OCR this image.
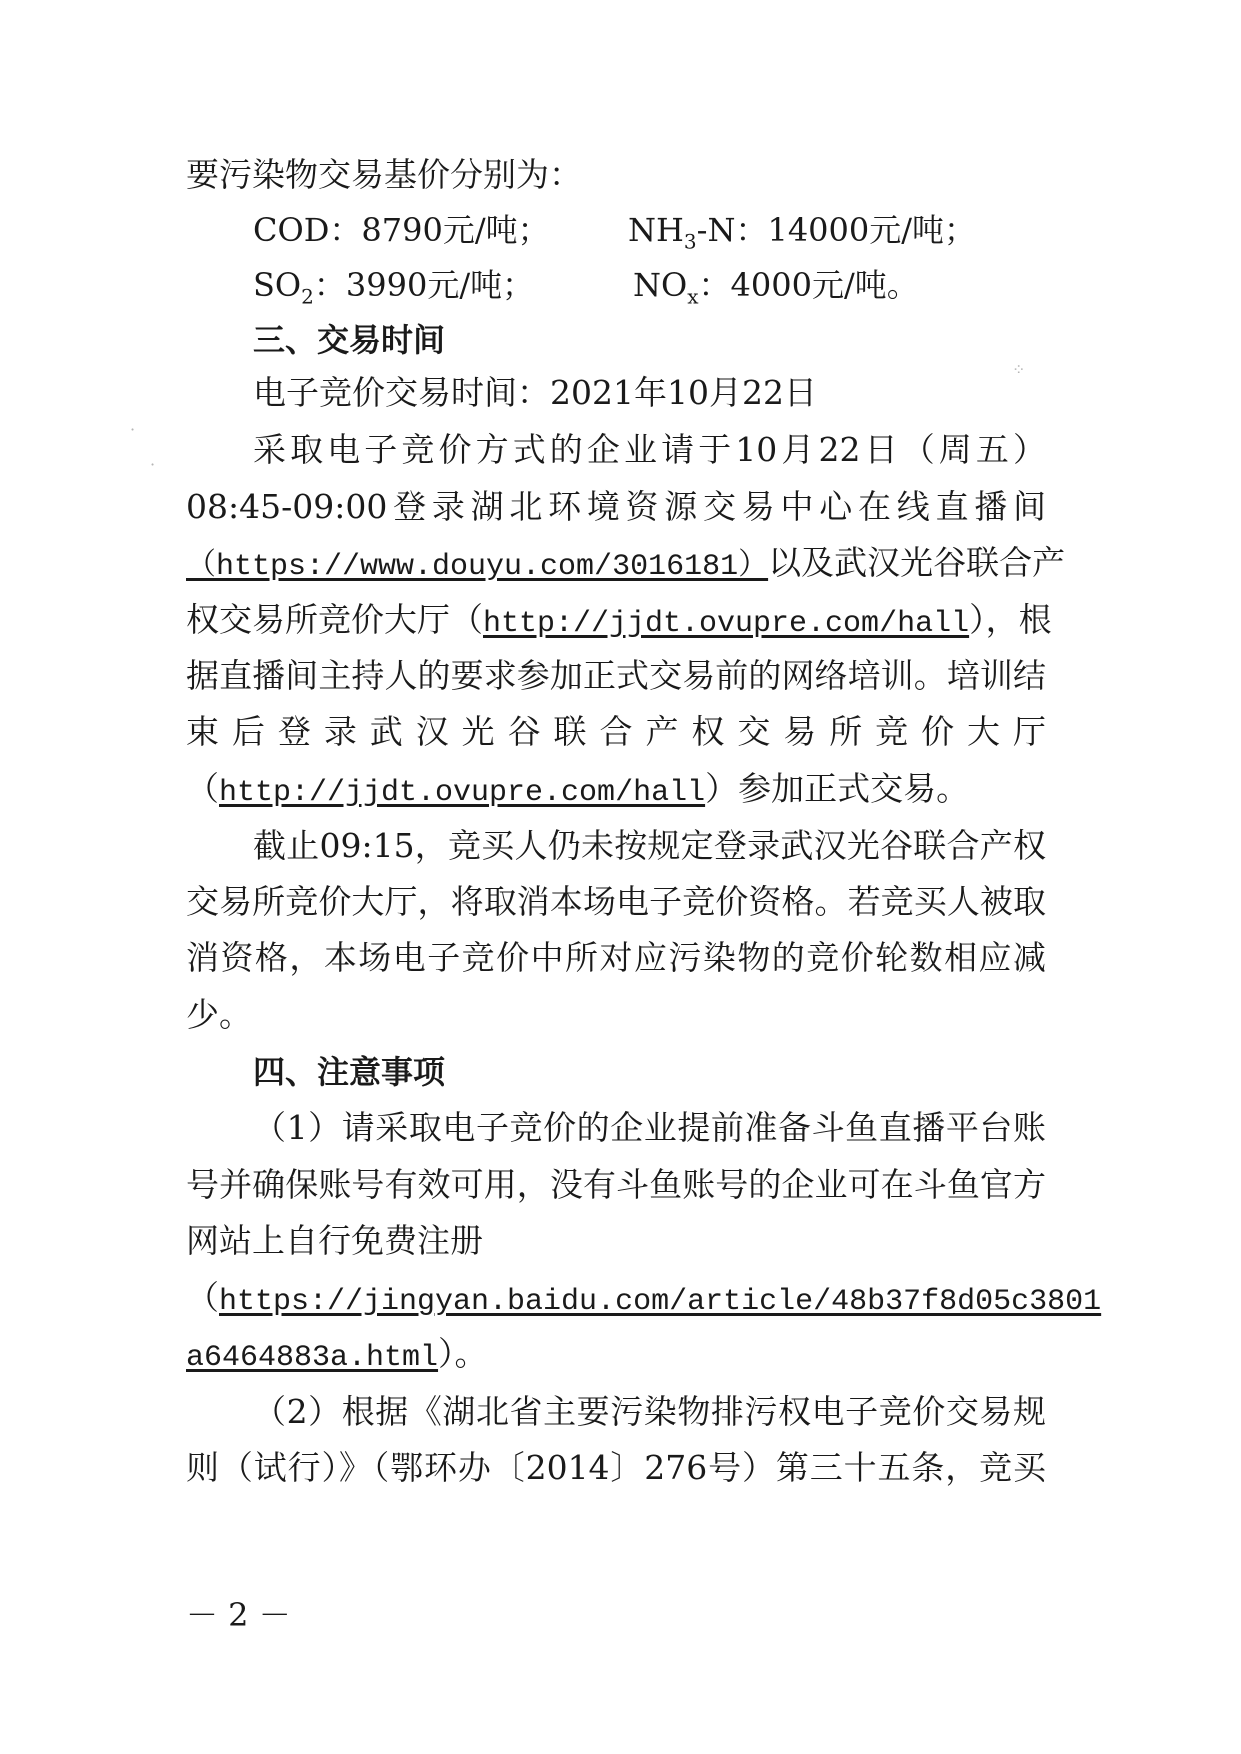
⁘
·
·
要污染物交易基价分别为：
COD：8790元/吨； $NH_3-N$：14000元/吨；
$SO_2$：3990元/吨；	$NO_x$：4000元/吨。
三、交易时间
电子竞价交易时间：2021年10月22日
采取电子竞价方式的企业请于10月22日（周五）
08:45-09:00登录湖北环境资源交易中心在线直播间
（https://www.douyu.com/3016181）以及武汉光谷联合产
权交易所竞价大厅（http://jjdt.ovupre.com/hall），根
据直播间主持人的要求参加正式交易前的网络培训。培训结
束后登录武汉光谷联合产权交易所竞价大厅
（http://jjdt.ovupre.com/hall）参加正式交易。
截止09:15，竞买人仍未按规定登录武汉光谷联合产权
交易所竞价大厅，将取消本场电子竞价资格。若竞买人被取
消资格，本场电子竞价中所对应污染物的竞价轮数相应减
少。
四、注意事项
（1）请采取电子竞价的企业提前准备斗鱼直播平台账
号并确保账号有效可用，没有斗鱼账号的企业可在斗鱼官方
网站上自行免费注册
（https://jingyan.baidu.com/article/48b37f8d05c3801
a6464883a.html）。
（2）根据《湖北省主要污染物排污权电子竞价交易规
则（试行）》（鄂环办〔2014〕276号）第三十五条，竞买
－ 2 －
